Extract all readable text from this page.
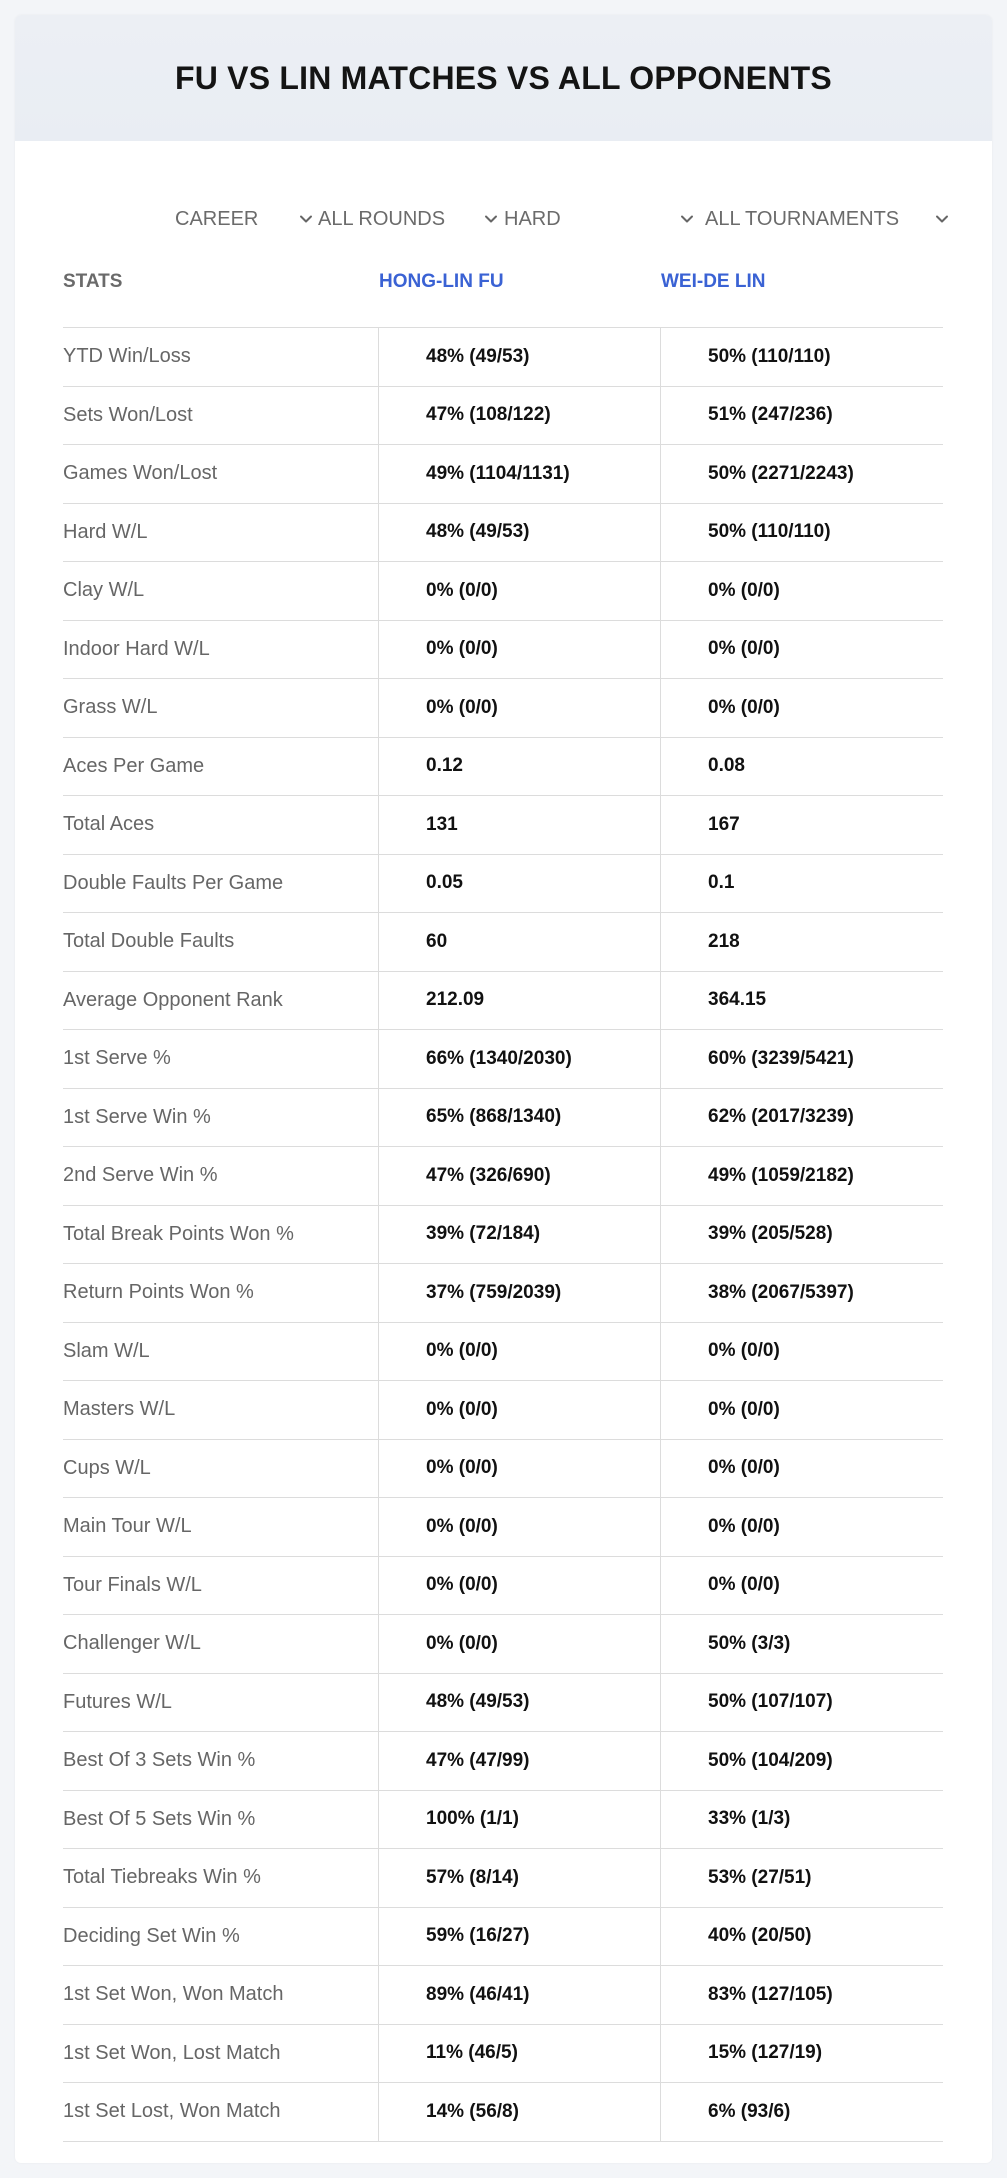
FU VS LIN MATCHES VS ALL OPPONENTS
CAREER	ALL ROUNDS	HARD	ALL TOURNAMENTS
STATS	HONG-LIN FU	WEI-DE LIN
YTD Win/Loss	48% (49/53)	50% (110/110)
Sets Won/Lost	47% (108/122)	51% (247/236)
Games Won/Lost	49% (1104/1131)	50% (2271/2243)
Hard W/L	48% (49/53)	50% (110/110)
Clay W/L	0% (0/0)	0% (0/0)
Indoor Hard W/L	0% (0/0)	0% (0/0)
Grass W/L	0% (0/0)	0% (0/0)
Aces Per Game	0.12	0.08
Total Aces	131	167
Double Faults Per Game	0.05	0.1
Total Double Faults	60	218
Average Opponent Rank	212.09	364.15
1st Serve %	66% (1340/2030)	60% (3239/5421)
1st Serve Win %	65% (868/1340)	62% (2017/3239)
2nd Serve Win %	47% (326/690)	49% (1059/2182)
Total Break Points Won %	39% (72/184)	39% (205/528)
Return Points Won %	37% (759/2039)	38% (2067/5397)
Slam W/L	0% (0/0)	0% (0/0)
Masters W/L	0% (0/0)	0% (0/0)
Cups W/L	0% (0/0)	0% (0/0)
Main Tour W/L	0% (0/0)	0% (0/0)
Tour Finals W/L	0% (0/0)	0% (0/0)
Challenger W/L	0% (0/0)	50% (3/3)
Futures W/L	48% (49/53)	50% (107/107)
Best Of 3 Sets Win %	47% (47/99)	50% (104/209)
Best Of 5 Sets Win %	100% (1/1)	33% (1/3)
Total Tiebreaks Win %	57% (8/14)	53% (27/51)
Deciding Set Win %	59% (16/27)	40% (20/50)
1st Set Won, Won Match	89% (46/41)	83% (127/105)
1st Set Won, Lost Match	11% (46/5)	15% (127/19)
1st Set Lost, Won Match	14% (56/8)	6% (93/6)
